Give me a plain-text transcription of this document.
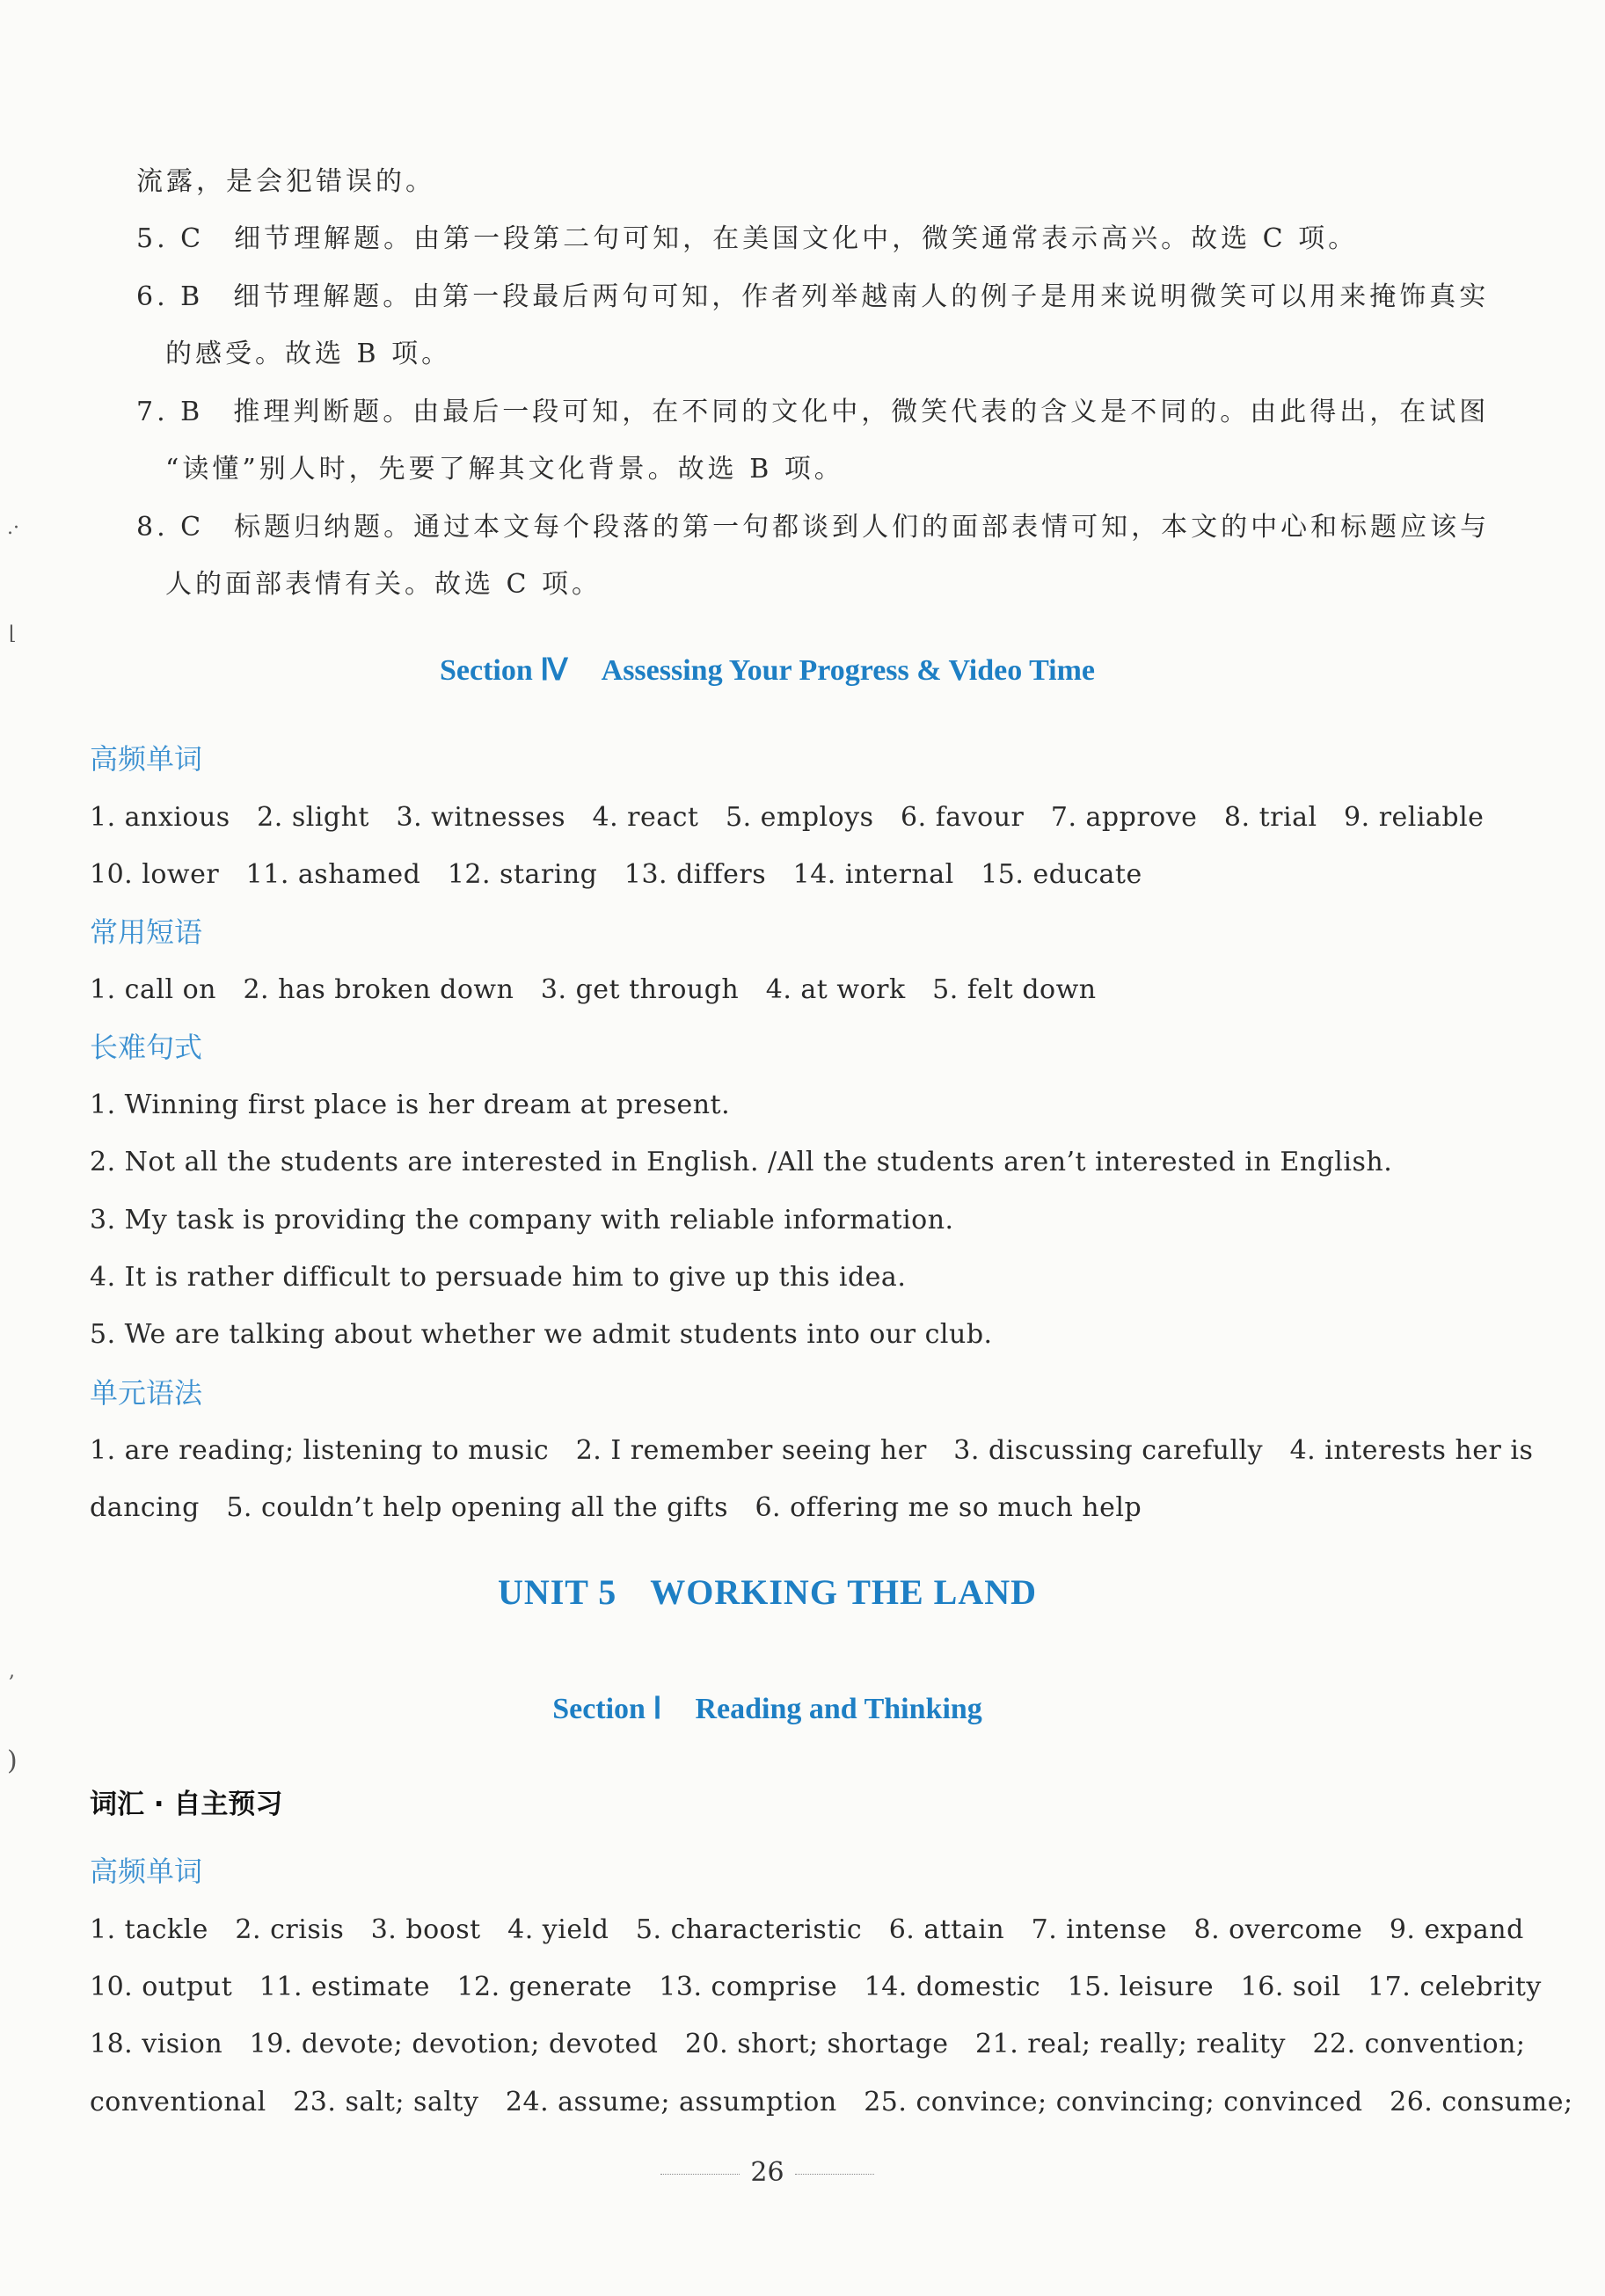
.·
⌊
,
)
流露，是会犯错误的。
5. C　细节理解题。由第一段第二句可知，在美国文化中，微笑通常表示高兴。故选 C 项。
6. B　细节理解题。由第一段最后两句可知，作者列举越南人的例子是用来说明微笑可以用来掩饰真实
的感受。故选 B 项。
7. B　推理判断题。由最后一段可知，在不同的文化中，微笑代表的含义是不同的。由此得出，在试图
“读懂”别人时，先要了解其文化背景。故选 B 项。
8. C　标题归纳题。通过本文每个段落的第一句都谈到人们的面部表情可知，本文的中心和标题应该与
人的面部表情有关。故选 C 项。
Section Ⅳ Assessing Your Progress & Video Time
高频单词
1. anxious　2. slight　3. witnesses　4. react　5. employs　6. favour　7. approve　8. trial　9. reliable
10. lower　11. ashamed　12. staring　13. differs　14. internal　15. educate
常用短语
1. call on　2. has broken down　3. get through　4. at work　5. felt down
长难句式
1. Winning first place is her dream at present.
2. Not all the students are interested in English. /All the students aren’t interested in English.
3. My task is providing the company with reliable information.
4. It is rather difficult to persuade him to give up this idea.
5. We are talking about whether we admit students into our club.
单元语法
1. are reading; listening to music　2. I remember seeing her　3. discussing carefully　4. interests her is
dancing　5. couldn’t help opening all the gifts　6. offering me so much help
UNIT 5 WORKING THE LAND
Section Ⅰ Reading and Thinking
词汇 · 自主预习
高频单词
1. tackle　2. crisis　3. boost　4. yield　5. characteristic　6. attain　7. intense　8. overcome　9. expand
10. output　11. estimate　12. generate　13. comprise　14. domestic　15. leisure　16. soil　17. celebrity
18. vision　19. devote; devotion; devoted　20. short; shortage　21. real; really; reality　22. convention;
conventional　23. salt; salty　24. assume; assumption　25. convince; convincing; convinced　26. consume;
26
